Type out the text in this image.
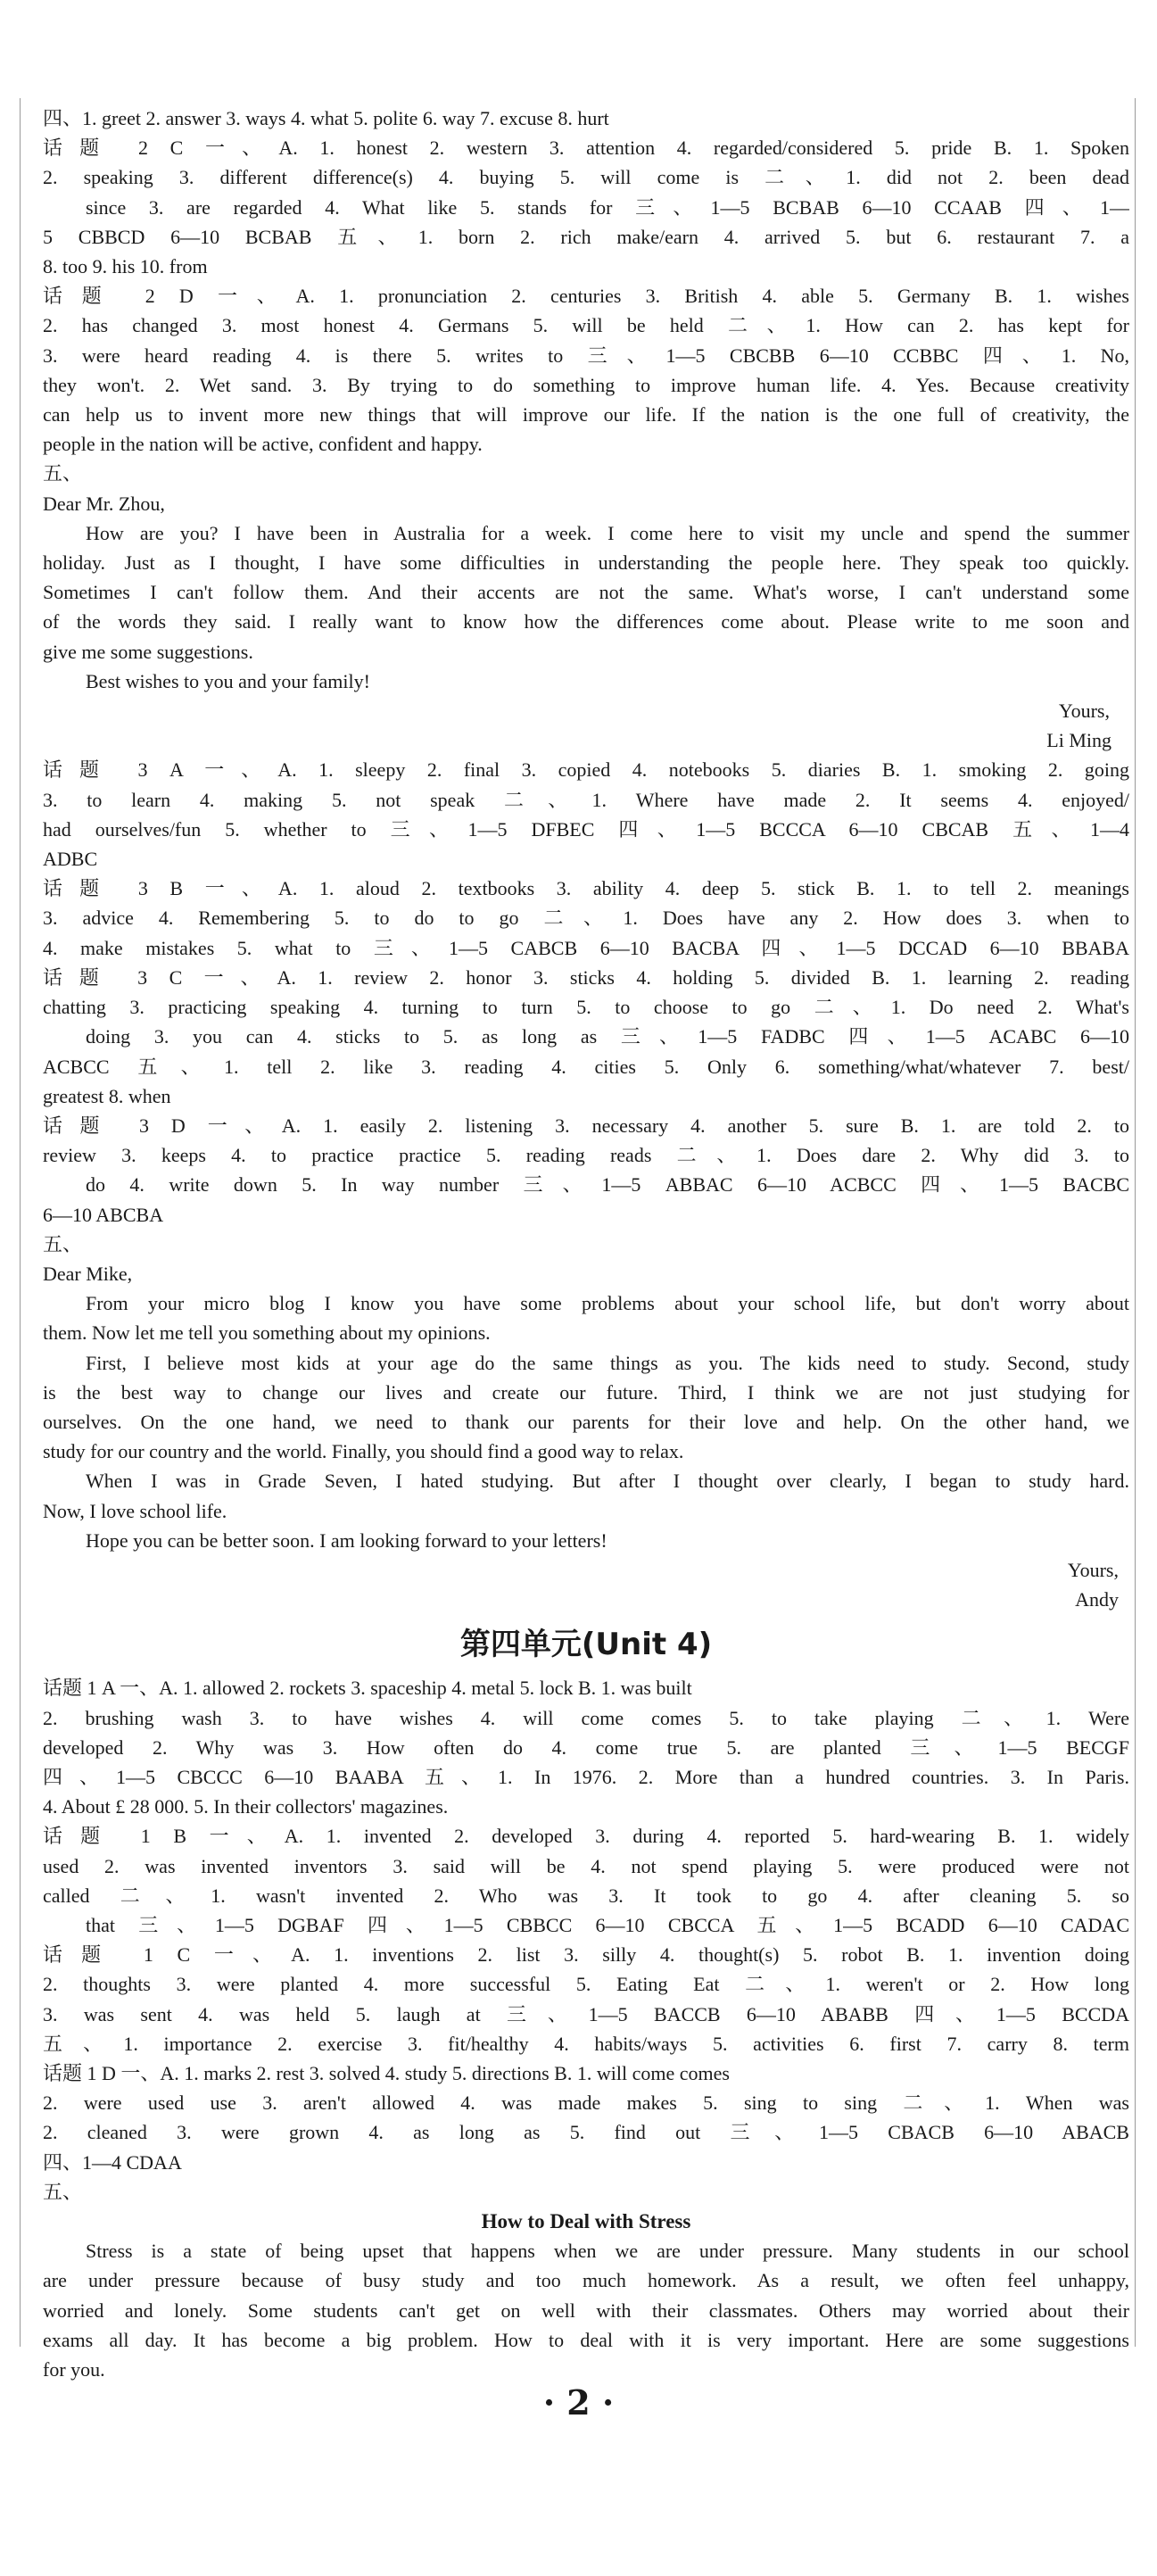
四、1. greet 2. answer 3. ways 4. what 5. polite 6. way 7. excuse 8. hurt
话题 2 C 一、A. 1. honest 2. western 3. attention 4. regarded/considered 5. pride B. 1. Spoken
2. speaking 3. different difference(s) 4. buying 5. will come is 二、1. did not 2. been dead
since 3. are regarded 4. What like 5. stands for 三、1—5 BCBAB 6—10 CCAAB 四、1—
5 CBBCD 6—10 BCBAB 五、1. born 2. rich make/earn 4. arrived 5. but 6. restaurant 7. a
8. too 9. his 10. from
话题 2 D 一、A. 1. pronunciation 2. centuries 3. British 4. able 5. Germany B. 1. wishes
2. has changed 3. most honest 4. Germans 5. will be held 二、1. How can 2. has kept for
3. were heard reading 4. is there 5. writes to 三、1—5 CBCBB 6—10 CCBBC 四、1. No,
they won't. 2. Wet sand. 3. By trying to do something to improve human life. 4. Yes. Because creativity
can help us to invent more new things that will improve our life. If the nation is the one full of creativity, the
people in the nation will be active, confident and happy.
五、
Dear Mr. Zhou,
How are you? I have been in Australia for a week. I come here to visit my uncle and spend the summer
holiday. Just as I thought, I have some difficulties in understanding the people here. They speak too quickly.
Sometimes I can't follow them. And their accents are not the same. What's worse, I can't understand some
of the words they said. I really want to know how the differences come about. Please write to me soon and
give me some suggestions.
Best wishes to you and your family!
Yours,
Li Ming
话题 3 A 一、A. 1. sleepy 2. final 3. copied 4. notebooks 5. diaries B. 1. smoking 2. going
3. to learn 4. making 5. not speak 二、1. Where have made 2. It seems 4. enjoyed/
had ourselves/fun 5. whether to 三、1—5 DFBEC 四、1—5 BCCCA 6—10 CBCAB 五、1—4
ADBC
话题 3 B 一、A. 1. aloud 2. textbooks 3. ability 4. deep 5. stick B. 1. to tell 2. meanings
3. advice 4. Remembering 5. to do to go 二、1. Does have any 2. How does 3. when to
4. make mistakes 5. what to 三、1—5 CABCB 6—10 BACBA 四、1—5 DCCAD 6—10 BBABA
话题 3 C 一、A. 1. review 2. honor 3. sticks 4. holding 5. divided B. 1. learning 2. reading
chatting 3. practicing speaking 4. turning to turn 5. to choose to go 二、1. Do need 2. What's
doing 3. you can 4. sticks to 5. as long as 三、1—5 FADBC 四、1—5 ACABC 6—10
ACBCC 五、1. tell 2. like 3. reading 4. cities 5. Only 6. something/what/whatever 7. best/
greatest 8. when
话题 3 D 一、A. 1. easily 2. listening 3. necessary 4. another 5. sure B. 1. are told 2. to
review 3. keeps 4. to practice practice 5. reading reads 二、1. Does dare 2. Why did 3. to
do 4. write down 5. In way number 三、1—5 ABBAC 6—10 ACBCC 四、1—5 BACBC
6—10 ABCBA
五、
Dear Mike,
From your micro blog I know you have some problems about your school life, but don't worry about
them. Now let me tell you something about my opinions.
First, I believe most kids at your age do the same things as you. The kids need to study. Second, study
is the best way to change our lives and create our future. Third, I think we are not just studying for
ourselves. On the one hand, we need to thank our parents for their love and help. On the other hand, we
study for our country and the world. Finally, you should find a good way to relax.
When I was in Grade Seven, I hated studying. But after I thought over clearly, I began to study hard.
Now, I love school life.
Hope you can be better soon. I am looking forward to your letters!
Yours,
Andy
第四单元(Unit 4)
话题 1 A 一、A. 1. allowed 2. rockets 3. spaceship 4. metal 5. lock B. 1. was built
2. brushing wash 3. to have wishes 4. will come comes 5. to take playing 二、1. Were
developed 2. Why was 3. How often do 4. come true 5. are planted 三、1—5 BECGF
四、1—5 CBCCC 6—10 BAABA 五、1. In 1976. 2. More than a hundred countries. 3. In Paris.
4. About £ 28 000. 5. In their collectors' magazines.
话题 1 B 一、A. 1. invented 2. developed 3. during 4. reported 5. hard-wearing B. 1. widely
used 2. was invented inventors 3. said will be 4. not spend playing 5. were produced were not
called 二、1. wasn't invented 2. Who was 3. It took to go 4. after cleaning 5. so
that 三、1—5 DGBAF 四、1—5 CBBCC 6—10 CBCCA 五、1—5 BCADD 6—10 CADAC
话题 1 C 一、A. 1. inventions 2. list 3. silly 4. thought(s) 5. robot B. 1. invention doing
2. thoughts 3. were planted 4. more successful 5. Eating Eat 二、1. weren't or 2. How long
3. was sent 4. was held 5. laugh at 三、1—5 BACCB 6—10 ABABB 四、1—5 BCCDA
五、1. importance 2. exercise 3. fit/healthy 4. habits/ways 5. activities 6. first 7. carry 8. term
话题 1 D 一、A. 1. marks 2. rest 3. solved 4. study 5. directions B. 1. will come comes
2. were used use 3. aren't allowed 4. was made makes 5. sing to sing 二、1. When was
2. cleaned 3. were grown 4. as long as 5. find out 三、1—5 CBACB 6—10 ABACB
四、1—4 CDAA
五、
How to Deal with Stress
Stress is a state of being upset that happens when we are under pressure. Many students in our school
are under pressure because of busy study and too much homework. As a result, we often feel unhappy,
worried and lonely. Some students can't get on well with their classmates. Others may worried about their
exams all day. It has become a big problem. How to deal with it is very important. Here are some suggestions
for you.
· 2 ·
